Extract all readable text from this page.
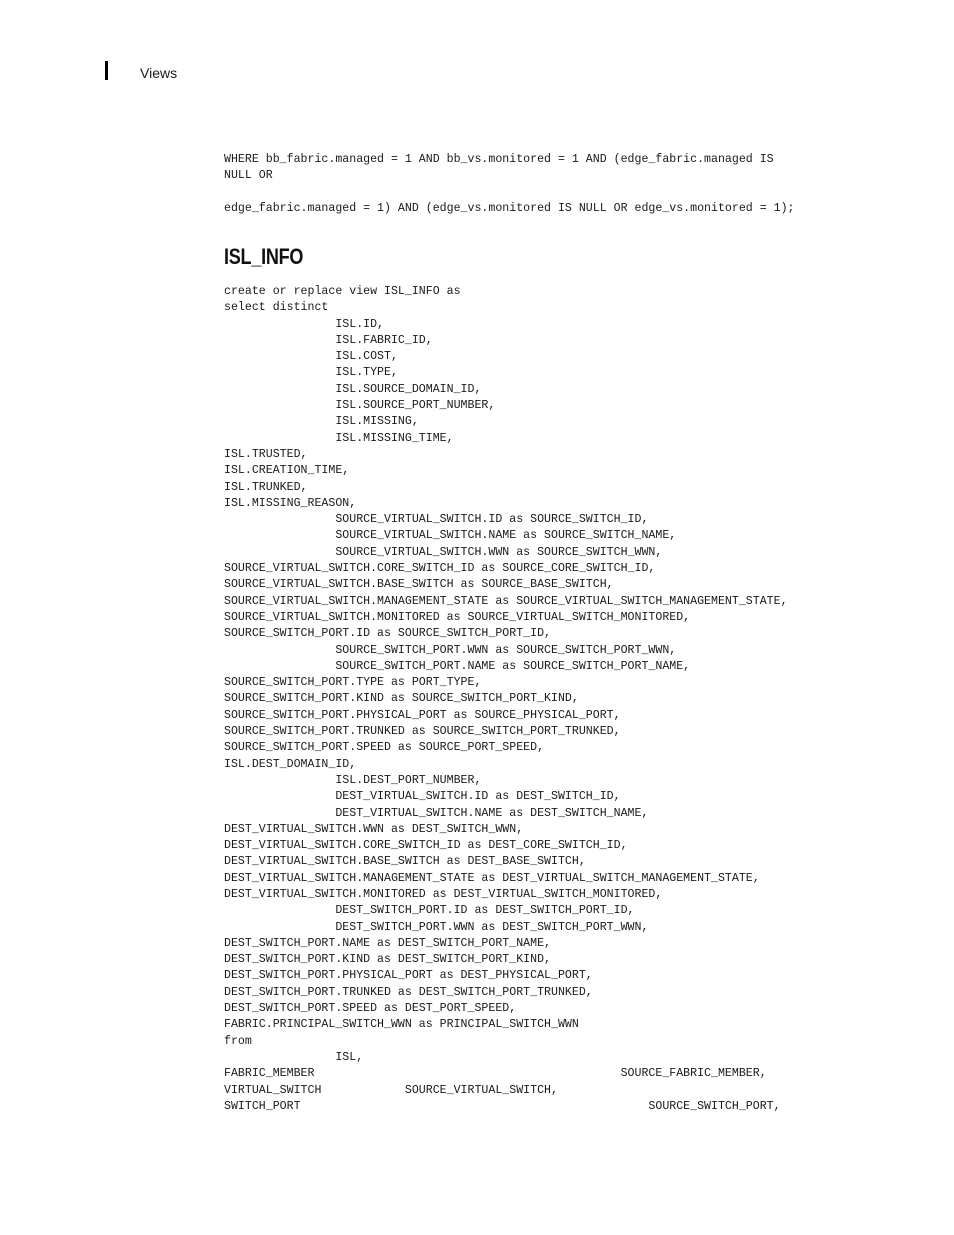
Views
WHERE bb_fabric.managed = 1 AND bb_vs.monitored = 1 AND (edge_fabric.managed IS
NULL OR

edge_fabric.managed = 1) AND (edge_vs.monitored IS NULL OR edge_vs.monitored = 1);
ISL_INFO
create or replace view ISL_INFO as
select distinct
ISL.ID,
ISL.FABRIC_ID,
ISL.COST,
ISL.TYPE,
ISL.SOURCE_DOMAIN_ID,
ISL.SOURCE_PORT_NUMBER,
ISL.MISSING,
ISL.MISSING_TIME,
ISL.TRUSTED,
ISL.CREATION_TIME,
ISL.TRUNKED,
ISL.MISSING_REASON,
SOURCE_VIRTUAL_SWITCH.ID as SOURCE_SWITCH_ID,
SOURCE_VIRTUAL_SWITCH.NAME as SOURCE_SWITCH_NAME,
SOURCE_VIRTUAL_SWITCH.WWN as SOURCE_SWITCH_WWN,
SOURCE_VIRTUAL_SWITCH.CORE_SWITCH_ID as SOURCE_CORE_SWITCH_ID,
SOURCE_VIRTUAL_SWITCH.BASE_SWITCH as SOURCE_BASE_SWITCH,
SOURCE_VIRTUAL_SWITCH.MANAGEMENT_STATE as SOURCE_VIRTUAL_SWITCH_MANAGEMENT_STATE,
SOURCE_VIRTUAL_SWITCH.MONITORED as SOURCE_VIRTUAL_SWITCH_MONITORED,
SOURCE_SWITCH_PORT.ID as SOURCE_SWITCH_PORT_ID,
SOURCE_SWITCH_PORT.WWN as SOURCE_SWITCH_PORT_WWN,
SOURCE_SWITCH_PORT.NAME as SOURCE_SWITCH_PORT_NAME,
SOURCE_SWITCH_PORT.TYPE as PORT_TYPE,
SOURCE_SWITCH_PORT.KIND as SOURCE_SWITCH_PORT_KIND,
SOURCE_SWITCH_PORT.PHYSICAL_PORT as SOURCE_PHYSICAL_PORT,
SOURCE_SWITCH_PORT.TRUNKED as SOURCE_SWITCH_PORT_TRUNKED,
SOURCE_SWITCH_PORT.SPEED as SOURCE_PORT_SPEED,
ISL.DEST_DOMAIN_ID,
ISL.DEST_PORT_NUMBER,
DEST_VIRTUAL_SWITCH.ID as DEST_SWITCH_ID,
DEST_VIRTUAL_SWITCH.NAME as DEST_SWITCH_NAME,
DEST_VIRTUAL_SWITCH.WWN as DEST_SWITCH_WWN,
DEST_VIRTUAL_SWITCH.CORE_SWITCH_ID as DEST_CORE_SWITCH_ID,
DEST_VIRTUAL_SWITCH.BASE_SWITCH as DEST_BASE_SWITCH,
DEST_VIRTUAL_SWITCH.MANAGEMENT_STATE as DEST_VIRTUAL_SWITCH_MANAGEMENT_STATE,
DEST_VIRTUAL_SWITCH.MONITORED as DEST_VIRTUAL_SWITCH_MONITORED,
DEST_SWITCH_PORT.ID as DEST_SWITCH_PORT_ID,
DEST_SWITCH_PORT.WWN as DEST_SWITCH_PORT_WWN,
DEST_SWITCH_PORT.NAME as DEST_SWITCH_PORT_NAME,
DEST_SWITCH_PORT.KIND as DEST_SWITCH_PORT_KIND,
DEST_SWITCH_PORT.PHYSICAL_PORT as DEST_PHYSICAL_PORT,
DEST_SWITCH_PORT.TRUNKED as DEST_SWITCH_PORT_TRUNKED,
DEST_SWITCH_PORT.SPEED as DEST_PORT_SPEED,
FABRIC.PRINCIPAL_SWITCH_WWN as PRINCIPAL_SWITCH_WWN
from
ISL,
FABRIC_MEMBER                                            SOURCE_FABRIC_MEMBER,
VIRTUAL_SWITCH            SOURCE_VIRTUAL_SWITCH,
SWITCH_PORT                                                  SOURCE_SWITCH_PORT,
